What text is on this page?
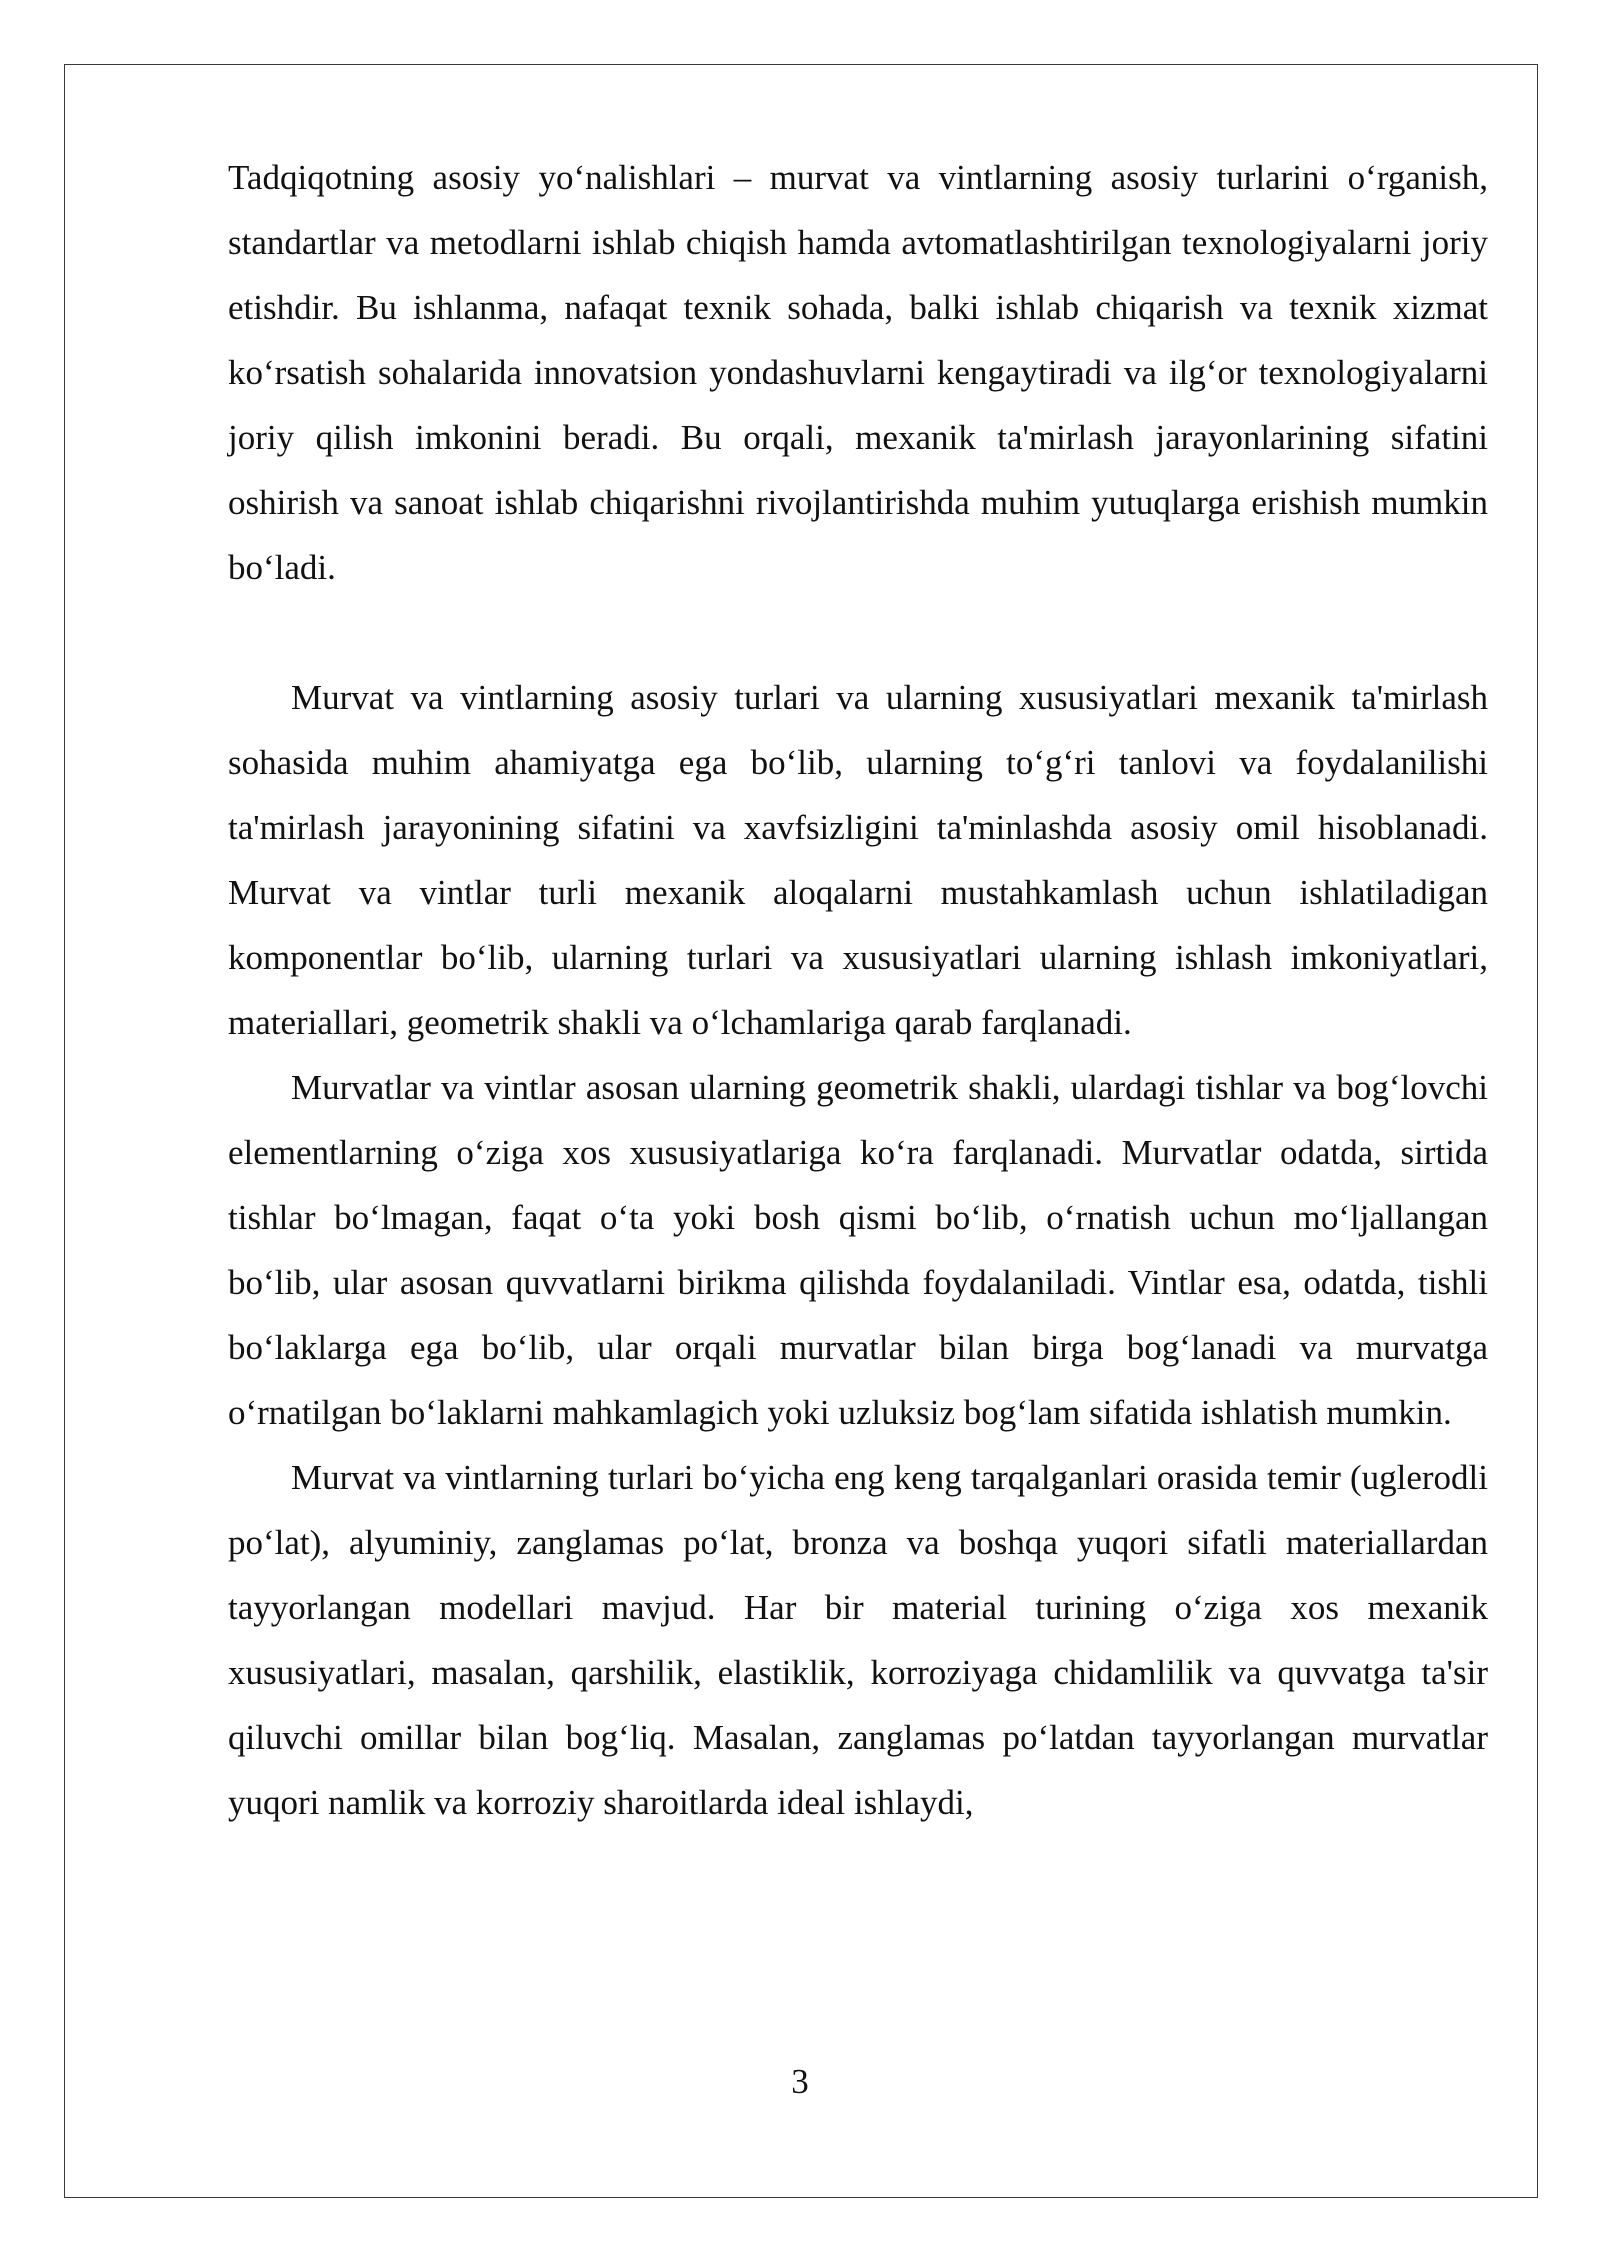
Tadqiqotning asosiy yo‘nalishlari – murvat va vintlarning asosiy turlarini o‘rganish, standartlar va metodlarni ishlab chiqish hamda avtomatlashtirilgan texnologiyalarni joriy etishdir. Bu ishlanma, nafaqat texnik sohada, balki ishlab chiqarish va texnik xizmat ko‘rsatish sohalarida innovatsion yondashuvlarni kengaytiradi va ilg‘or texnologiyalarni joriy qilish imkonini beradi. Bu orqali, mexanik ta'mirlash jarayonlarining sifatini oshirish va sanoat ishlab chiqarishni rivojlantirishda muhim yutuqlarga erishish mumkin bo‘ladi.

Murvat va vintlarning asosiy turlari va ularning xususiyatlari mexanik ta'mirlash sohasida muhim ahamiyatga ega bo‘lib, ularning to‘g‘ri tanlovi va foydalanilishi ta'mirlash jarayonining sifatini va xavfsizligini ta'minlashda asosiy omil hisoblanadi. Murvat va vintlar turli mexanik aloqalarni mustahkamlash uchun ishlatiladigan komponentlar bo‘lib, ularning turlari va xususiyatlari ularning ishlash imkoniyatlari, materiallari, geometrik shakli va o‘lchamlariga qarab farqlanadi.

Murvatlar va vintlar asosan ularning geometrik shakli, ulardagi tishlar va bog‘lovchi elementlarning o‘ziga xos xususiyatlariga ko‘ra farqlanadi. Murvatlar odatda, sirtida tishlar bo‘lmagan, faqat o‘ta yoki bosh qismi bo‘lib, o‘rnatish uchun mo‘ljallangan bo‘lib, ular asosan quvvatlarni birikma qilishda foydalaniladi. Vintlar esa, odatda, tishli bo‘laklarga ega bo‘lib, ular orqali murvatlar bilan birga bog‘lanadi va murvatga o‘rnatilgan bo‘laklarni mahkamlagich yoki uzluksiz bog‘lam sifatida ishlatish mumkin.

Murvat va vintlarning turlari bo‘yicha eng keng tarqalganlari orasida temir (uglerodli po‘lat), alyuminiy, zanglamas po‘lat, bronza va boshqa yuqori sifatli materiallardan tayyorlangan modellari mavjud. Har bir material turining o‘ziga xos mexanik xususiyatlari, masalan, qarshilik, elastiklik, korroziyaga chidamlilik va quvvatga ta'sir qiluvchi omillar bilan bog‘liq. Masalan, zanglamas po‘latdan tayyorlangan murvatlar yuqori namlik va korroziy sharoitlarda ideal ishlaydi,

3
